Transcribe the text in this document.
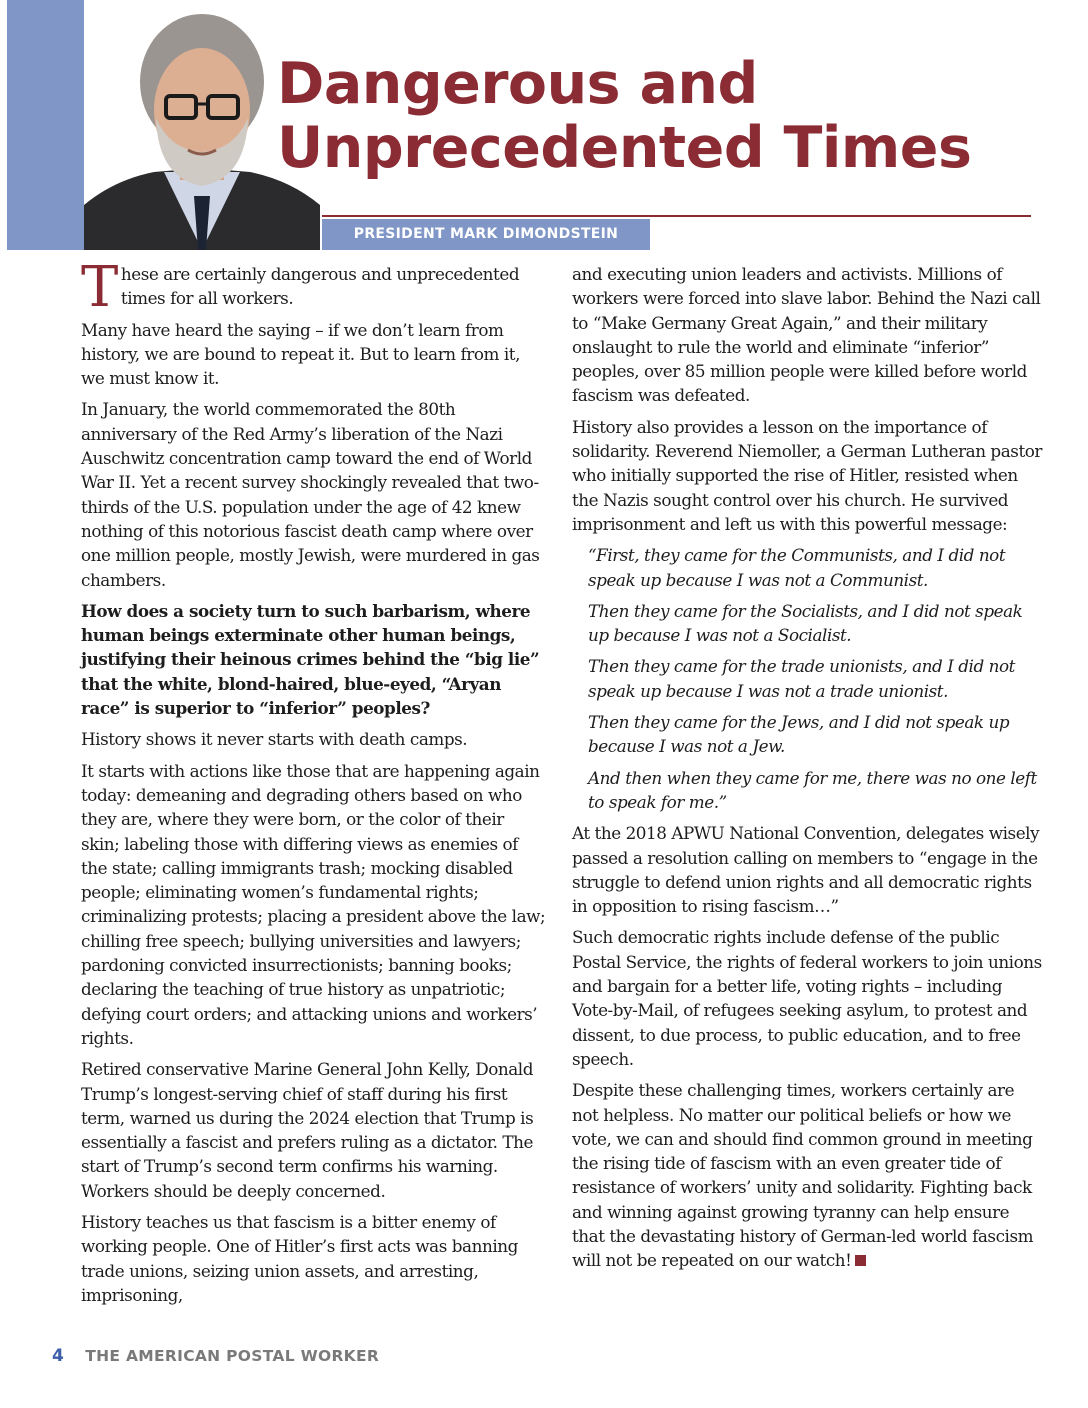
Dangerous and
Unprecedented Times
PRESIDENT MARK DIMONDSTEIN

T hese are certainly dangerous and unprecedented times for all workers.

Many have heard the saying – if we don’t learn from history, we are bound to repeat it. But to learn from it, we must know it.

In January, the world commemorated the 80th anniversary of the Red Army’s liberation of the Nazi Auschwitz concentration camp toward the end of World War II. Yet a recent survey shockingly revealed that two-thirds of the U.S. population under the age of 42 knew nothing of this notorious fascist death camp where over one million people, mostly Jewish, were murdered in gas chambers.

How does a society turn to such barbarism, where human beings exterminate other human beings, justifying their heinous crimes behind the “big lie” that the white, blond-haired, blue-eyed, “Aryan race” is superior to “inferior” peoples?

History shows it never starts with death camps.

It starts with actions like those that are happening again today: demeaning and degrading others based on who they are, where they were born, or the color of their skin; labeling those with differing views as enemies of the state; calling immigrants trash; mocking disabled people; eliminating women’s fundamental rights; criminalizing protests; placing a president above the law; chilling free speech; bullying universities and lawyers; pardoning convicted insurrectionists; banning books; declaring the teaching of true history as unpatriotic; defying court orders; and attacking unions and workers’ rights.

Retired conservative Marine General John Kelly, Donald Trump’s longest-serving chief of staff during his first term, warned us during the 2024 election that Trump is essentially a fascist and prefers ruling as a dictator. The start of Trump’s second term confirms his warning. Workers should be deeply concerned.

History teaches us that fascism is a bitter enemy of working people. One of Hitler’s first acts was banning trade unions, seizing union assets, and arresting, imprisoning,

and executing union leaders and activists. Millions of workers were forced into slave labor. Behind the Nazi call to “Make Germany Great Again,” and their military onslaught to rule the world and eliminate “inferior” peoples, over 85 million people were killed before world fascism was defeated.

History also provides a lesson on the importance of solidarity. Reverend Niemoller, a German Lutheran pastor who initially supported the rise of Hitler, resisted when the Nazis sought control over his church. He survived imprisonment and left us with this powerful message:

“First, they came for the Communists, and I did not speak up because I was not a Communist.

Then they came for the Socialists, and I did not speak up because I was not a Socialist.

Then they came for the trade unionists, and I did not speak up because I was not a trade unionist.

Then they came for the Jews, and I did not speak up because I was not a Jew.

And then when they came for me, there was no one left to speak for me.”

At the 2018 APWU National Convention, delegates wisely passed a resolution calling on members to “engage in the struggle to defend union rights and all democratic rights in opposition to rising fascism…”

Such democratic rights include defense of the public Postal Service, the rights of federal workers to join unions and bargain for a better life, voting rights – including Vote-by-Mail, of refugees seeking asylum, to protest and dissent, to due process, to public education, and to free speech.

Despite these challenging times, workers certainly are not helpless. No matter our political beliefs or how we vote, we can and should find common ground in meeting the rising tide of fascism with an even greater tide of resistance of workers’ unity and solidarity. Fighting back and winning against growing tyranny can help ensure that the devastating history of German-led world fascism will not be repeated on our watch!

4 THE AMERICAN POSTAL WORKER
